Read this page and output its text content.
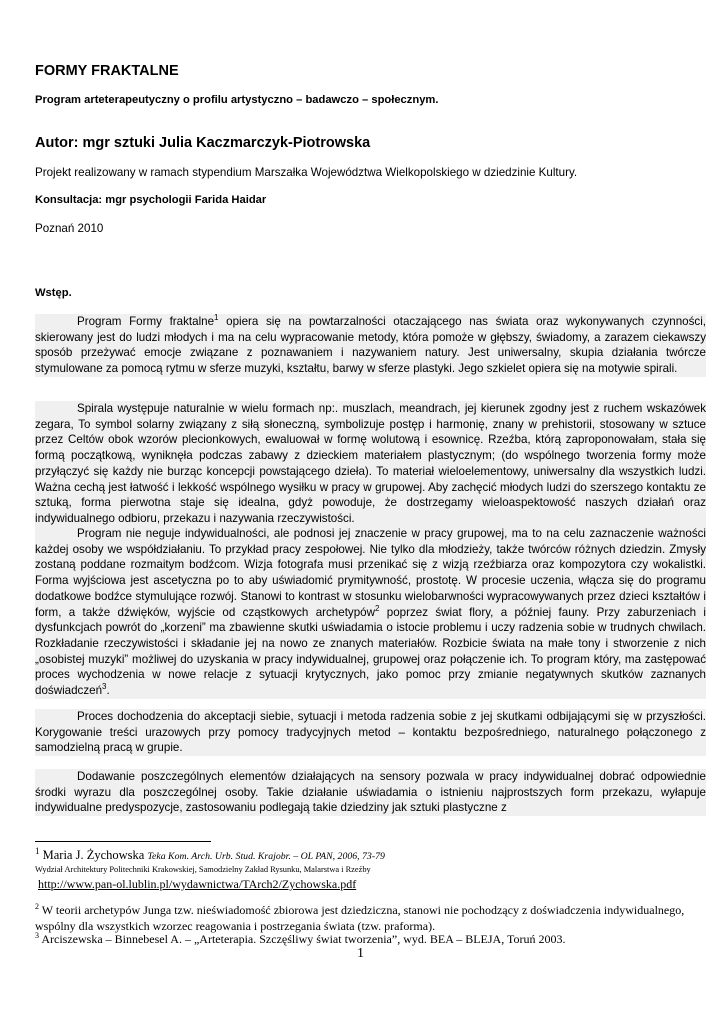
FORMY FRAKTALNE

Program arteterapeutyczny o profilu artystyczno – badawczo – społecznym.

Autor: mgr sztuki Julia Kaczmarczyk-Piotrowska

Projekt realizowany w ramach stypendium Marszałka Województwa Wielkopolskiego w dziedzinie Kultury.

Konsultacja: mgr psychologii Farida Haidar

Poznań 2010

Wstęp.

Program Formy fraktalne$^1$ opiera się na powtarzalności otaczającego nas świata oraz wykonywanych czynności, skierowany jest do ludzi młodych i ma na celu wypracowanie metody, która pomoże w głębszy, świadomy, a zarazem ciekawszy sposób przeżywać emocje związane z poznawaniem i nazywaniem natury. Jest uniwersalny, skupia działania twórcze stymulowane za pomocą rytmu w sferze muzyki, kształtu, barwy w sferze plastyki. Jego szkielet opiera się na motywie spirali.

Spirala występuje naturalnie w wielu formach np:. muszlach, meandrach, jej kierunek zgodny jest z ruchem wskazówek zegara, To symbol solarny związany z siłą słoneczną, symbolizuje postęp i harmonię, znany w prehistorii, stosowany w sztuce przez Celtów obok wzorów plecionkowych, ewaluował w formę wolutową i esownicę. Rzeźba, którą zaproponowałam, stała się formą początkową, wyniknęła podczas zabawy z dzieckiem materiałem plastycznym; (do wspólnego tworzenia formy może przyłączyć się każdy nie burząc koncepcji powstającego dzieła). To materiał wieloelementowy, uniwersalny dla wszystkich ludzi. Ważna cechą jest łatwość i lekkość wspólnego wysiłku w pracy w grupowej. Aby zachęcić młodych ludzi do szerszego kontaktu ze sztuką, forma pierwotna staje się idealna, gdyż powoduje, że dostrzegamy wieloaspektowość naszych działań oraz indywidualnego odbioru, przekazu i nazywania rzeczywistości.

Program nie neguje indywidualności, ale podnosi jej znaczenie w pracy grupowej, ma to na celu zaznaczenie ważności każdej osoby we współdziałaniu. To przykład pracy zespołowej. Nie tylko dla młodzieży, także twórców różnych dziedzin. Zmysły zostaną poddane rozmaitym bodźcom. Wizja fotografa musi przenikać się z wizją rzeźbiarza oraz kompozytora czy wokalistki. Forma wyjściowa jest ascetyczna po to aby uświadomić prymitywność, prostotę. W procesie uczenia, włącza się do programu dodatkowe bodźce stymulujące rozwój. Stanowi to kontrast w stosunku wielobarwności wypracowywanych przez dzieci kształtów i form, a także dźwięków, wyjście od cząstkowych archetypów$^2$ poprzez świat flory, a później fauny. Przy zaburzeniach i dysfunkcjach powrót do „korzeni” ma zbawienne skutki uświadamia o istocie problemu i uczy radzenia sobie w trudnych chwilach. Rozkładanie rzeczywistości i składanie jej na nowo ze znanych materiałów. Rozbicie świata na małe tony i stworzenie z nich „osobistej muzyki” możliwej do uzyskania w pracy indywidualnej, grupowej oraz połączenie ich. To program który, ma zastępować proces wychodzenia w nowe relacje z sytuacji krytycznych, jako pomoc przy zmianie negatywnych skutków zaznanych doświadczeń$^3$.

Proces dochodzenia do akceptacji siebie, sytuacji i metoda radzenia sobie z jej skutkami odbijającymi się w przyszłości. Korygowanie treści urazowych przy pomocy tradycyjnych metod – kontaktu bezpośredniego, naturalnego połączonego z samodzielną pracą w grupie.

Dodawanie poszczególnych elementów działających na sensory pozwala w pracy indywidualnej dobrać odpowiednie środki wyrazu dla poszczególnej osoby. Takie działanie uświadamia o istnieniu najprostszych form przekazu, wyłapuje indywidualne predyspozycje, zastosowaniu podlegają takie dziedziny jak sztuki plastyczne z

$^1$ Maria J. Żychowska Teka Kom. Arch. Urb. Stud. Krajobr. – OL PAN, 2006, 73-79

Wydział Architektury Politechniki Krakowskiej, Samodzielny Zakład Rysunku, Malarstwa i Rzeźby

http://www.pan-ol.lublin.pl/wydawnictwa/TArch2/Zychowska.pdf

$^2$ W teorii archetypów Junga tzw. nieświadomość zbiorowa jest dziedziczna, stanowi nie pochodzący z doświadczenia indywidualnego, wspólny dla wszystkich wzorzec reagowania i postrzegania świata (tzw. praforma).

$^3$ Arciszewska – Binnebesel A. – „Arteterapia. Szczęśliwy świat tworzenia”, wyd. BEA – BLEJA, Toruń 2003.

1
